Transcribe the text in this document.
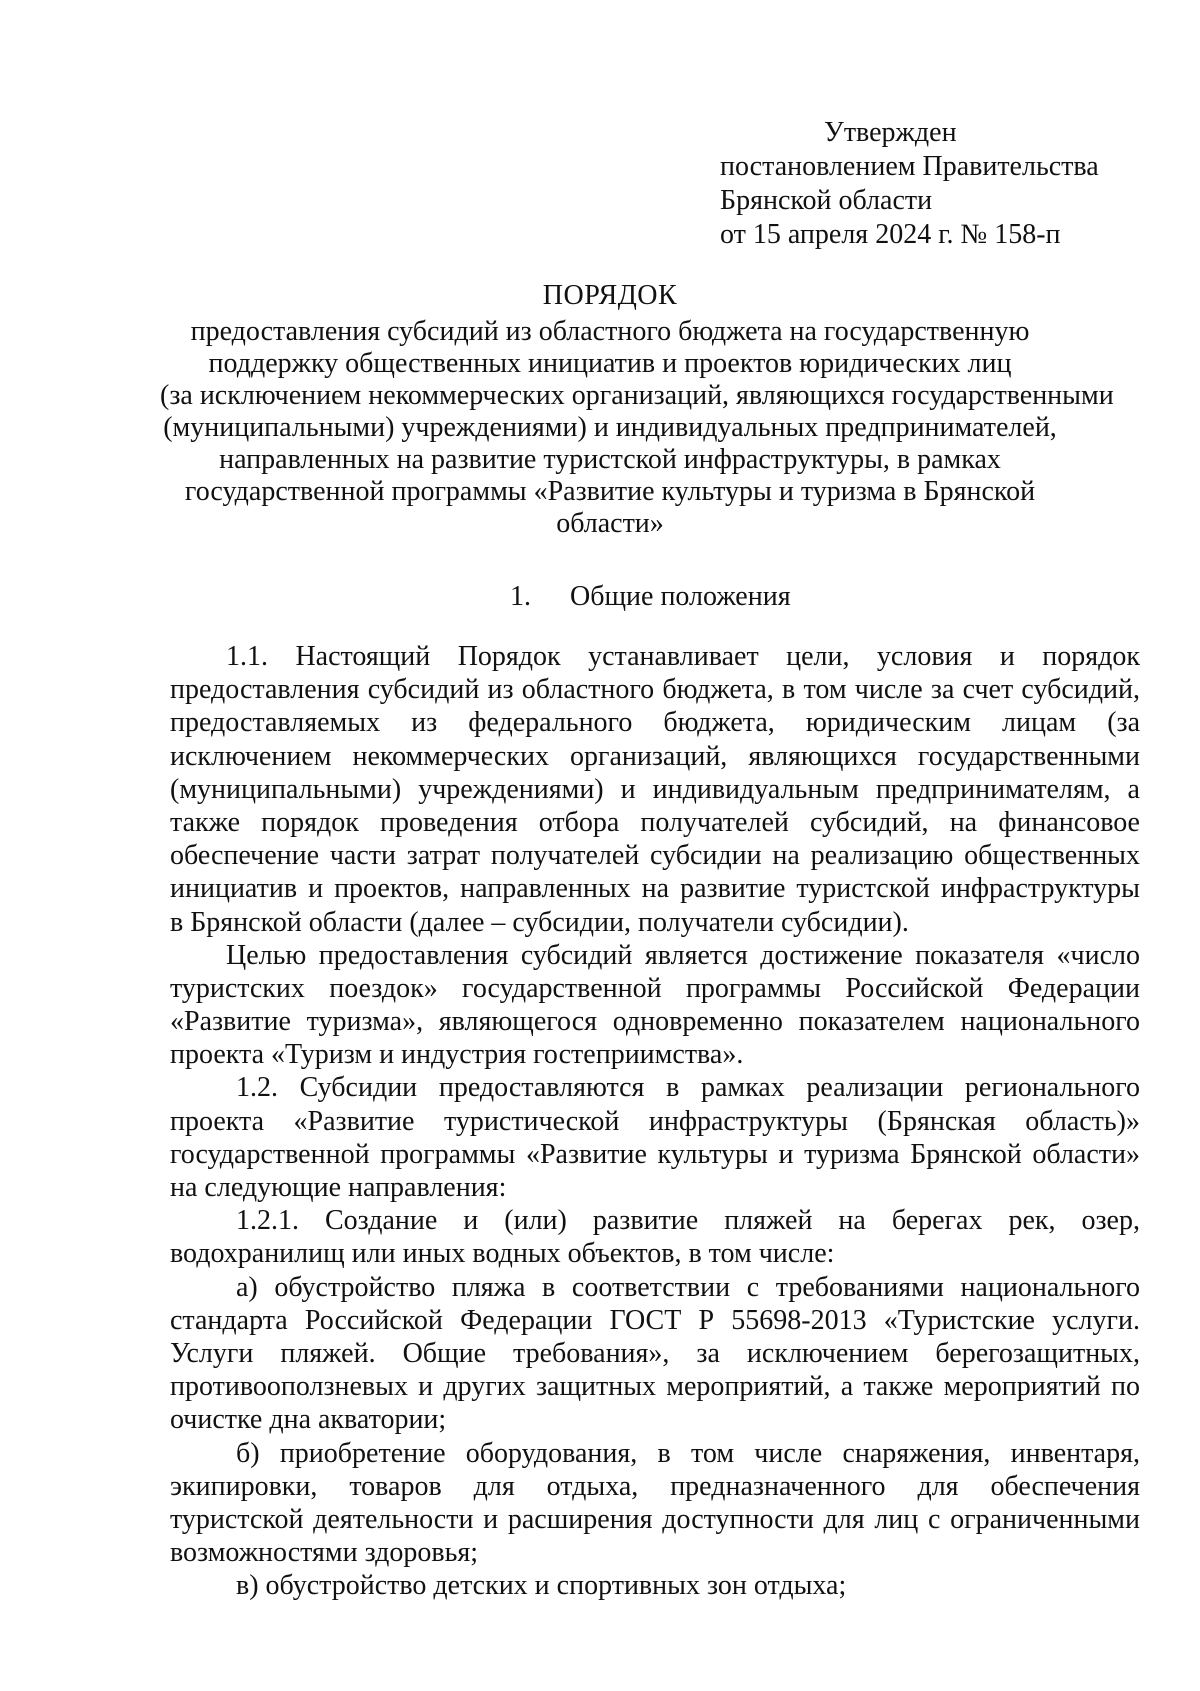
Утвержден
постановлением Правительства
Брянской области
от 15 апреля 2024 г. № 158-п
ПОРЯДОК
предоставления субсидий из областного бюджета на государственную
поддержку общественных инициатив и проектов юридических лиц
(за исключением некоммерческих организаций, являющихся государственными
(муниципальными) учреждениями) и индивидуальных предпринимателей,
направленных на развитие туристской инфраструктуры, в рамках
государственной программы «Развитие культуры и туризма в Брянской
области»
1. Общие положения
1.1. Настоящий Порядок устанавливает цели, условия и порядок
предоставления субсидий из областного бюджета, в том числе за счет субсидий,
предоставляемых из федерального бюджета, юридическим лицам (за
исключением некоммерческих организаций, являющихся государственными
(муниципальными) учреждениями) и индивидуальным предпринимателям, а
также порядок проведения отбора получателей субсидий, на финансовое
обеспечение части затрат получателей субсидии на реализацию общественных
инициатив и проектов, направленных на развитие туристской инфраструктуры
в Брянской области (далее – субсидии, получатели субсидии).
Целью предоставления субсидий является достижение показателя «число
туристских поездок» государственной программы Российской Федерации
«Развитие туризма», являющегося одновременно показателем национального
проекта «Туризм и индустрия гостеприимства».
1.2. Субсидии предоставляются в рамках реализации регионального
проекта «Развитие туристической инфраструктуры (Брянская область)»
государственной программы «Развитие культуры и туризма Брянской области»
на следующие направления:
1.2.1. Создание и (или) развитие пляжей на берегах рек, озер,
водохранилищ или иных водных объектов, в том числе:
а) обустройство пляжа в соответствии с требованиями национального
стандарта Российской Федерации ГОСТ Р 55698-2013 «Туристские услуги.
Услуги пляжей. Общие требования», за исключением берегозащитных,
противооползневых и других защитных мероприятий, а также мероприятий по
очистке дна акватории;
б) приобретение оборудования, в том числе снаряжения, инвентаря,
экипировки, товаров для отдыха, предназначенного для обеспечения
туристской деятельности и расширения доступности для лиц с ограниченными
возможностями здоровья;
в) обустройство детских и спортивных зон отдыха;
